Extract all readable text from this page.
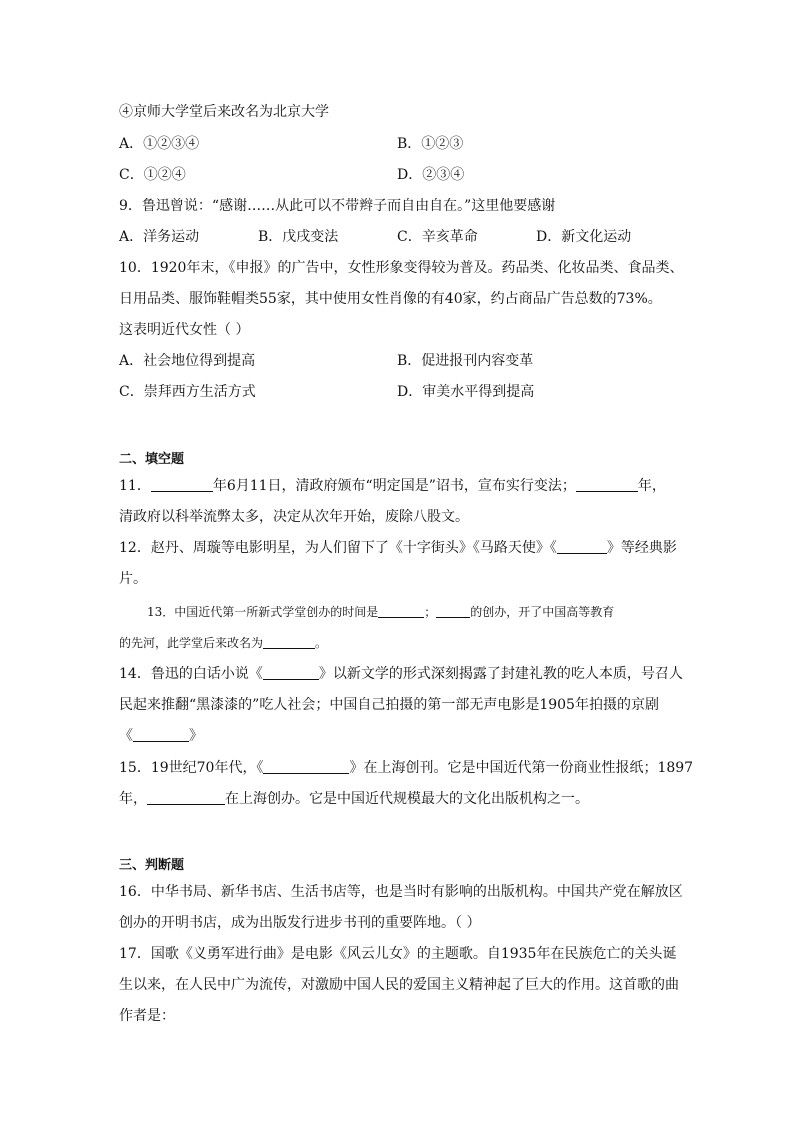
④京师大学堂后来改名为北京大学
A．①②③④	B．①②③
C．①②④	D．②③④
9．鲁迅曾说：“感谢……从此可以不带辫子而自由自在。”这里他要感谢
A．洋务运动	B．戊戌变法	C．辛亥革命	D．新文化运动
10．1920年末，《申报》的广告中，女性形象变得较为普及。药品类、化妆品类、食品类、
日用品类、服饰鞋帽类55家，其中使用女性肖像的有40家，约占商品广告总数的73%。
这表明近代女性（ ）
A．社会地位得到提高	B．促进报刊内容变革
C．崇拜西方生活方式	D．审美水平得到提高
二、填空题
11．	年6月11日，清政府颁布“明定国是”诏书，宣布实行变法；	年，
清政府以科举流弊太多，决定从次年开始，废除八股文。
12．赵丹、周璇等电影明星，为人们留下了《十字街头》《马路天使》《	》等经典影
片。
13．中国近代第一所新式学堂创办的时间是	；	的创办，开了中国高等教育
的先河，此学堂后来改名为	。
14．鲁迅的白话小说《	》以新文学的形式深刻揭露了封建礼教的吃人本质，号召人
民起来推翻“黑漆漆的”吃人社会；中国自己拍摄的第一部无声电影是1905年拍摄的京剧
《	》
15．19世纪70年代，《	》在上海创刊。它是中国近代第一份商业性报纸；1897
年，	在上海创办。它是中国近代规模最大的文化出版机构之一。
三、判断题
16．中华书局、新华书店、生活书店等，也是当时有影响的出版机构。中国共产党在解放区
创办的开明书店，成为出版发行进步书刊的重要阵地。（ ）
17．国歌《义勇军进行曲》是电影《风云儿女》的主题歌。自1935年在民族危亡的关头诞
生以来，在人民中广为流传，对激励中国人民的爱国主义精神起了巨大的作用。这首歌的曲
作者是：
